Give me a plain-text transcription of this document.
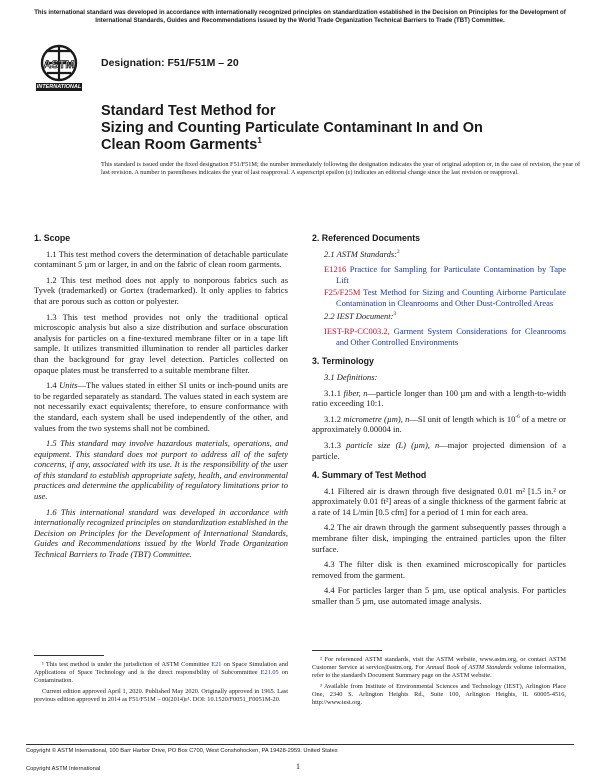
This international standard was developed in accordance with internationally recognized principles on standardization established in the Decision on Principles for the Development of International Standards, Guides and Recommendations issued by the World Trade Organization Technical Barriers to Trade (TBT) Committee.
ASTM
INTERNATIONAL
Designation: F51/F51M – 20
Standard Test Method for
Sizing and Counting Particulate Contaminant In and On
Clean Room Garments$^1$
This standard is issued under the fixed designation F51/F51M; the number immediately following the designation indicates the year of original adoption or, in the case of revision, the year of last revision. A number in parentheses indicates the year of last reapproval. A superscript epsilon (ε) indicates an editorial change since the last revision or reapproval.

1. Scope

1.1 This test method covers the determination of detachable particulate contaminant 5 µm or larger, in and on the fabric of clean room garments.

1.2 This test method does not apply to nonporous fabrics such as Tyvek (trademarked) or Gortex (trademarked). It only applies to fabrics that are porous such as cotton or polyester.

1.3 This test method provides not only the traditional optical microscopic analysis but also a size distribution and surface obscuration analysis for particles on a fine-textured membrane filter or in a tape lift sample. It utilizes transmitted illumination to render all particles darker than the background for gray level detection. Particles collected on opaque plates must be transferred to a suitable membrane filter.

1.4 Units—The values stated in either SI units or inch-pound units are to be regarded separately as standard. The values stated in each system are not necessarily exact equivalents; therefore, to ensure conformance with the standard, each system shall be used independently of the other, and values from the two systems shall not be combined.

1.5 This standard may involve hazardous materials, operations, and equipment. This standard does not purport to address all of the safety concerns, if any, associated with its use. It is the responsibility of the user of this standard to establish appropriate safety, health, and environmental practices and determine the applicability of regulatory limitations prior to use.

1.6 This international standard was developed in accordance with internationally recognized principles on standardization established in the Decision on Principles for the Development of International Standards, Guides and Recommendations issued by the World Trade Organization Technical Barriers to Trade (TBT) Committee.

¹ This test method is under the jurisdiction of ASTM Committee E21 on Space Simulation and Applications of Space Technology and is the direct responsibility of Subcommittee E21.05 on Contamination.

Current edition approved April 1, 2020. Published May 2020. Originally approved in 1965. Last previous edition approved in 2014 as F51/F51M – 00(2014)ε¹. DOI: 10.1520/F0051_F0051M-20.

2. Referenced Documents

2.1 ASTM Standards:$^2$

E1216 Practice for Sampling for Particulate Contamination by Tape Lift

F25/F25M Test Method for Sizing and Counting Airborne Particulate Contamination in Cleanrooms and Other Dust-Controlled Areas

2.2 IEST Document:$^3$

IEST-RP-CC003.2, Garment System Considerations for Cleanrooms and Other Controlled Environments

3. Terminology

3.1 Definitions:

3.1.1 fiber, n—particle longer than 100 µm and with a length-to-width ratio exceeding 10:1.

3.1.2 micrometre (µm), n—SI unit of length which is $10^{-6}$ of a metre or approximately 0.00004 in.

3.1.3 particle size (L) (µm), n—major projected dimension of a particle.

4. Summary of Test Method

4.1 Filtered air is drawn through five designated 0.01 m² [1.5 in.² or approximately 0.01 ft²] areas of a single thickness of the garment fabric at a rate of 14 L/min [0.5 cfm] for a period of 1 min for each area.

4.2 The air drawn through the garment subsequently passes through a membrane filter disk, impinging the entrained particles upon the filter surface.

4.3 The filter disk is then examined microscopically for particles removed from the garment.

4.4 For particles larger than 5 µm, use optical analysis. For particles smaller than 5 µm, use automated image analysis.

² For referenced ASTM standards, visit the ASTM website, www.astm.org, or contact ASTM Customer Service at service@astm.org. For Annual Book of ASTM Standards volume information, refer to the standard's Document Summary page on the ASTM website.

³ Available from Institute of Environmental Sciences and Technology (IEST), Arlington Place One, 2340 S. Arlington Heights Rd., Suite 100, Arlington Heights, IL 60005-4516, http://www.iest.org.

Copyright © ASTM International, 100 Barr Harbor Drive, PO Box C700, West Conshohocken, PA 19428-2959. United States
1
Copyright ASTM International
